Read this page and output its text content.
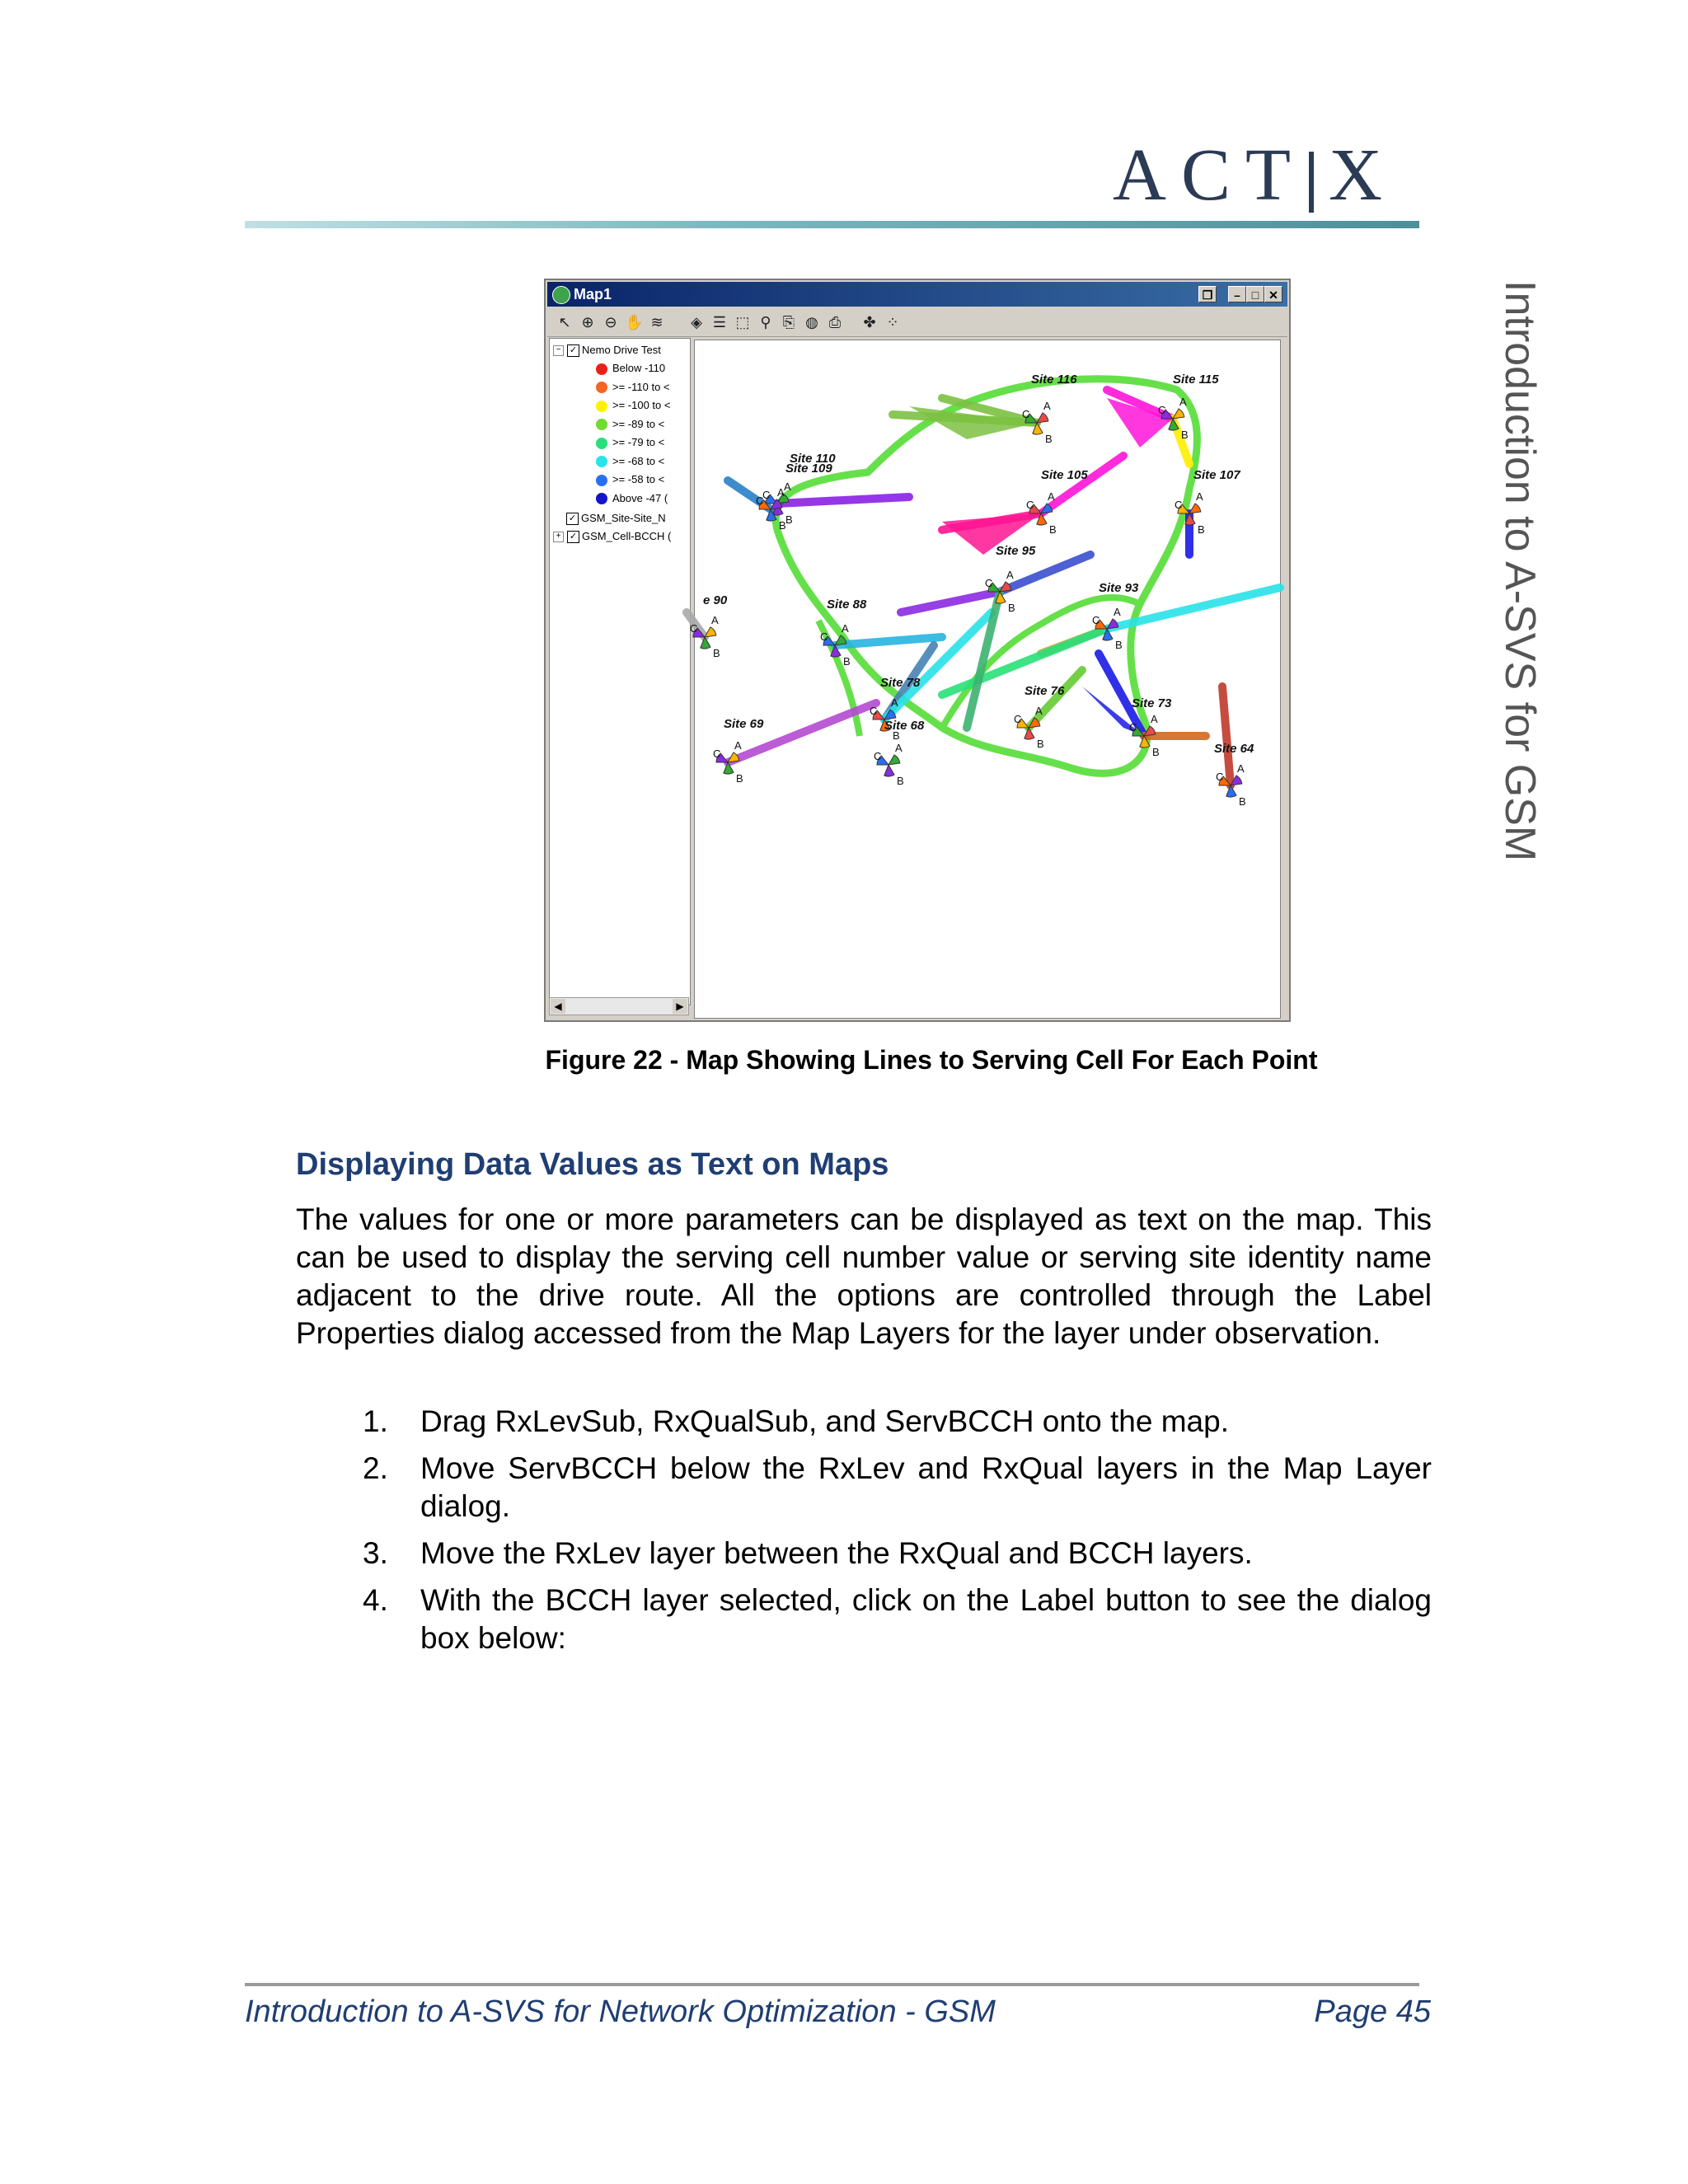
ACT X
Introduction to A-SVS for GSM
Map1	❐	– □ ✕
↖ ⊕ ⊖ ✋ ≋ ◈ ☰ ⬚ ⚲ ⎘ ◍ ⎙ ✤ ⁘
− ✓ Nemo Drive Test
Below -110
>= -110 to <
>= -100 to <
>= -89 to <
>= -79 to <
>= -68 to <
>= -58 to <
Above -47 (
✓ GSM_Site-Site_N
+ ✓ GSM_Cell-BCCH (
◀	▶
Site 116
A
B
C
Site 115
A
B
C
Site 110
A
B
C
Site 109
A
B
C
Site 105
A
B
C
Site 107
A
B
C
Site 95
A
B
C
e 90
A
B
C
Site 88
A
B
C
Site 93
A
B
C
Site 78
A
B
C
Site 76
A
B
C
Site 73
A
B
C
Site 69
A
B
C
Site 68
A
B
C
Site 64
A
B
C
Figure 22 - Map Showing Lines to Serving Cell For Each Point
Displaying Data Values as Text on Maps
The values for one or more parameters can be displayed as text on the map. This can be used to display the serving cell number value or serving site identity name adjacent to the drive route. All the options are controlled through the Label Properties dialog accessed from the Map Layers for the layer under observation.
1. Drag RxLevSub, RxQualSub, and ServBCCH onto the map.
2. Move ServBCCH below the RxLev and RxQual layers in the Map Layer dialog.
3. Move the RxLev layer between the RxQual and BCCH layers.
4. With the BCCH layer selected, click on the Label button to see the dialog box below:
Introduction to A-SVS for Network Optimization - GSM	Page 45
